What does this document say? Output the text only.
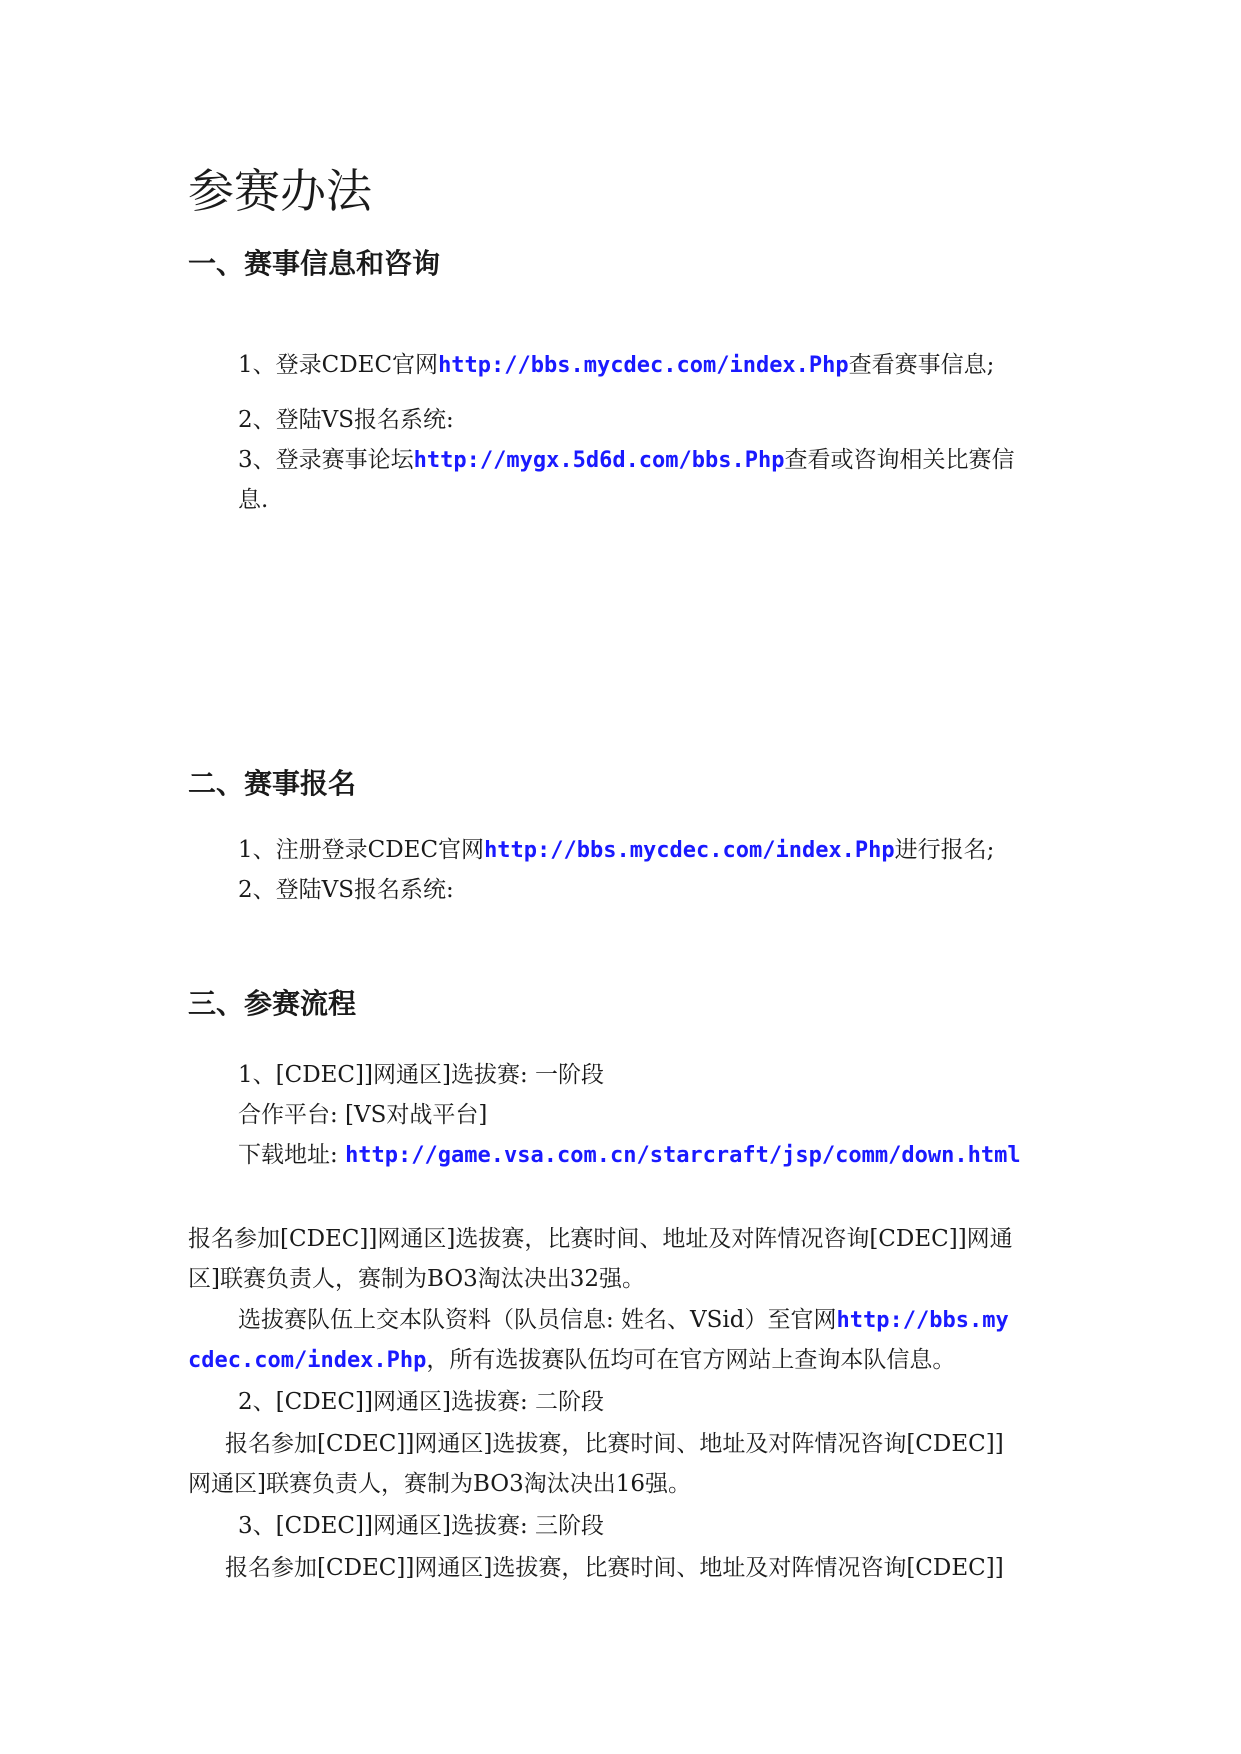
参赛办法
一、赛事信息和咨询
1、登录CDEC官网http://bbs.mycdec.com/index.Php查看赛事信息;
2、登陆VS报名系统:
3、登录赛事论坛http://mygx.5d6d.com/bbs.Php查看或咨询相关比赛信
息.
二、赛事报名
1、注册登录CDEC官网http://bbs.mycdec.com/index.Php进行报名;
2、登陆VS报名系统:
三、参赛流程
1、[CDEC]]网通区]选拔赛: 一阶段
合作平台: [VS对战平台]
下载地址: http://game.vsa.com.cn/starcraft/jsp/comm/down.html
报名参加[CDEC]]网通区]选拔赛，比赛时间、地址及对阵情况咨询[CDEC]]网通
区]联赛负责人，赛制为BO3淘汰决出32强。
选拔赛队伍上交本队资料（队员信息: 姓名、VSid）至官网http://bbs.my
cdec.com/index.Php，所有选拔赛队伍均可在官方网站上查询本队信息。
2、[CDEC]]网通区]选拔赛: 二阶段
报名参加[CDEC]]网通区]选拔赛，比赛时间、地址及对阵情况咨询[CDEC]]
网通区]联赛负责人，赛制为BO3淘汰决出16强。
3、[CDEC]]网通区]选拔赛: 三阶段
报名参加[CDEC]]网通区]选拔赛，比赛时间、地址及对阵情况咨询[CDEC]]
